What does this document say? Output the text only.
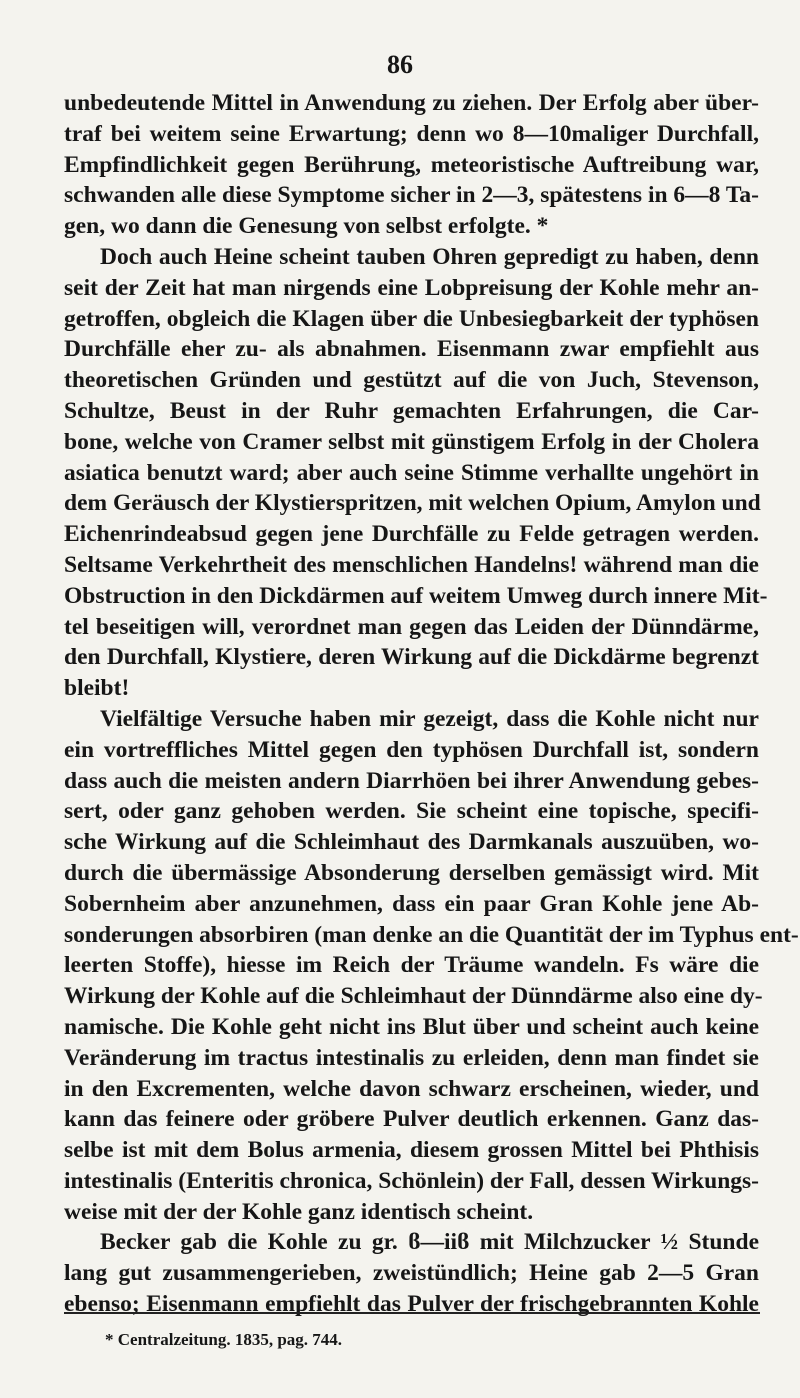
86
unbedeutende Mittel in Anwendung zu ziehen. Der Erfolg aber über-
traf bei weitem seine Erwartung; denn wo 8—10maliger Durchfall,
Empfindlichkeit gegen Berührung, meteoristische Auftreibung war,
schwanden alle diese Symptome sicher in 2—3, spätestens in 6—8 Ta-
gen, wo dann die Genesung von selbst erfolgte. *
Doch auch Heine scheint tauben Ohren gepredigt zu haben, denn
seit der Zeit hat man nirgends eine Lobpreisung der Kohle mehr an-
getroffen, obgleich die Klagen über die Unbesiegbarkeit der typhösen
Durchfälle eher zu- als abnahmen. Eisenmann zwar empfiehlt aus
theoretischen Gründen und gestützt auf die von Juch, Stevenson,
Schultze, Beust in der Ruhr gemachten Erfahrungen, die Car-
bone, welche von Cramer selbst mit günstigem Erfolg in der Cholera
asiatica benutzt ward; aber auch seine Stimme verhallte ungehört in
dem Geräusch der Klystierspritzen, mit welchen Opium, Amylon und
Eichenrindeabsud gegen jene Durchfälle zu Felde getragen werden.
Seltsame Verkehrtheit des menschlichen Handelns! während man die
Obstruction in den Dickdärmen auf weitem Umweg durch innere Mit-
tel beseitigen will, verordnet man gegen das Leiden der Dünndärme,
den Durchfall, Klystiere, deren Wirkung auf die Dickdärme begrenzt
bleibt!
Vielfältige Versuche haben mir gezeigt, dass die Kohle nicht nur
ein vortreffliches Mittel gegen den typhösen Durchfall ist, sondern
dass auch die meisten andern Diarrhöen bei ihrer Anwendung gebes-
sert, oder ganz gehoben werden. Sie scheint eine topische, specifi-
sche Wirkung auf die Schleimhaut des Darmkanals auszuüben, wo-
durch die übermässige Absonderung derselben gemässigt wird. Mit
Sobernheim aber anzunehmen, dass ein paar Gran Kohle jene Ab-
sonderungen absorbiren (man denke an die Quantität der im Typhus ent-
leerten Stoffe), hiesse im Reich der Träume wandeln. Fs wäre die
Wirkung der Kohle auf die Schleimhaut der Dünndärme also eine dy-
namische. Die Kohle geht nicht ins Blut über und scheint auch keine
Veränderung im tractus intestinalis zu erleiden, denn man findet sie
in den Excrementen, welche davon schwarz erscheinen, wieder, und
kann das feinere oder gröbere Pulver deutlich erkennen. Ganz das-
selbe ist mit dem Bolus armenia, diesem grossen Mittel bei Phthisis
intestinalis (Enteritis chronica, Schönlein) der Fall, dessen Wirkungs-
weise mit der der Kohle ganz identisch scheint.
Becker gab die Kohle zu gr. ϐ—iiϐ mit Milchzucker ½ Stunde
lang gut zusammengerieben, zweistündlich; Heine gab 2—5 Gran
ebenso; Eisenmann empfiehlt das Pulver der frischgebrannten Kohle
* Centralzeitung. 1835, pag. 744.
